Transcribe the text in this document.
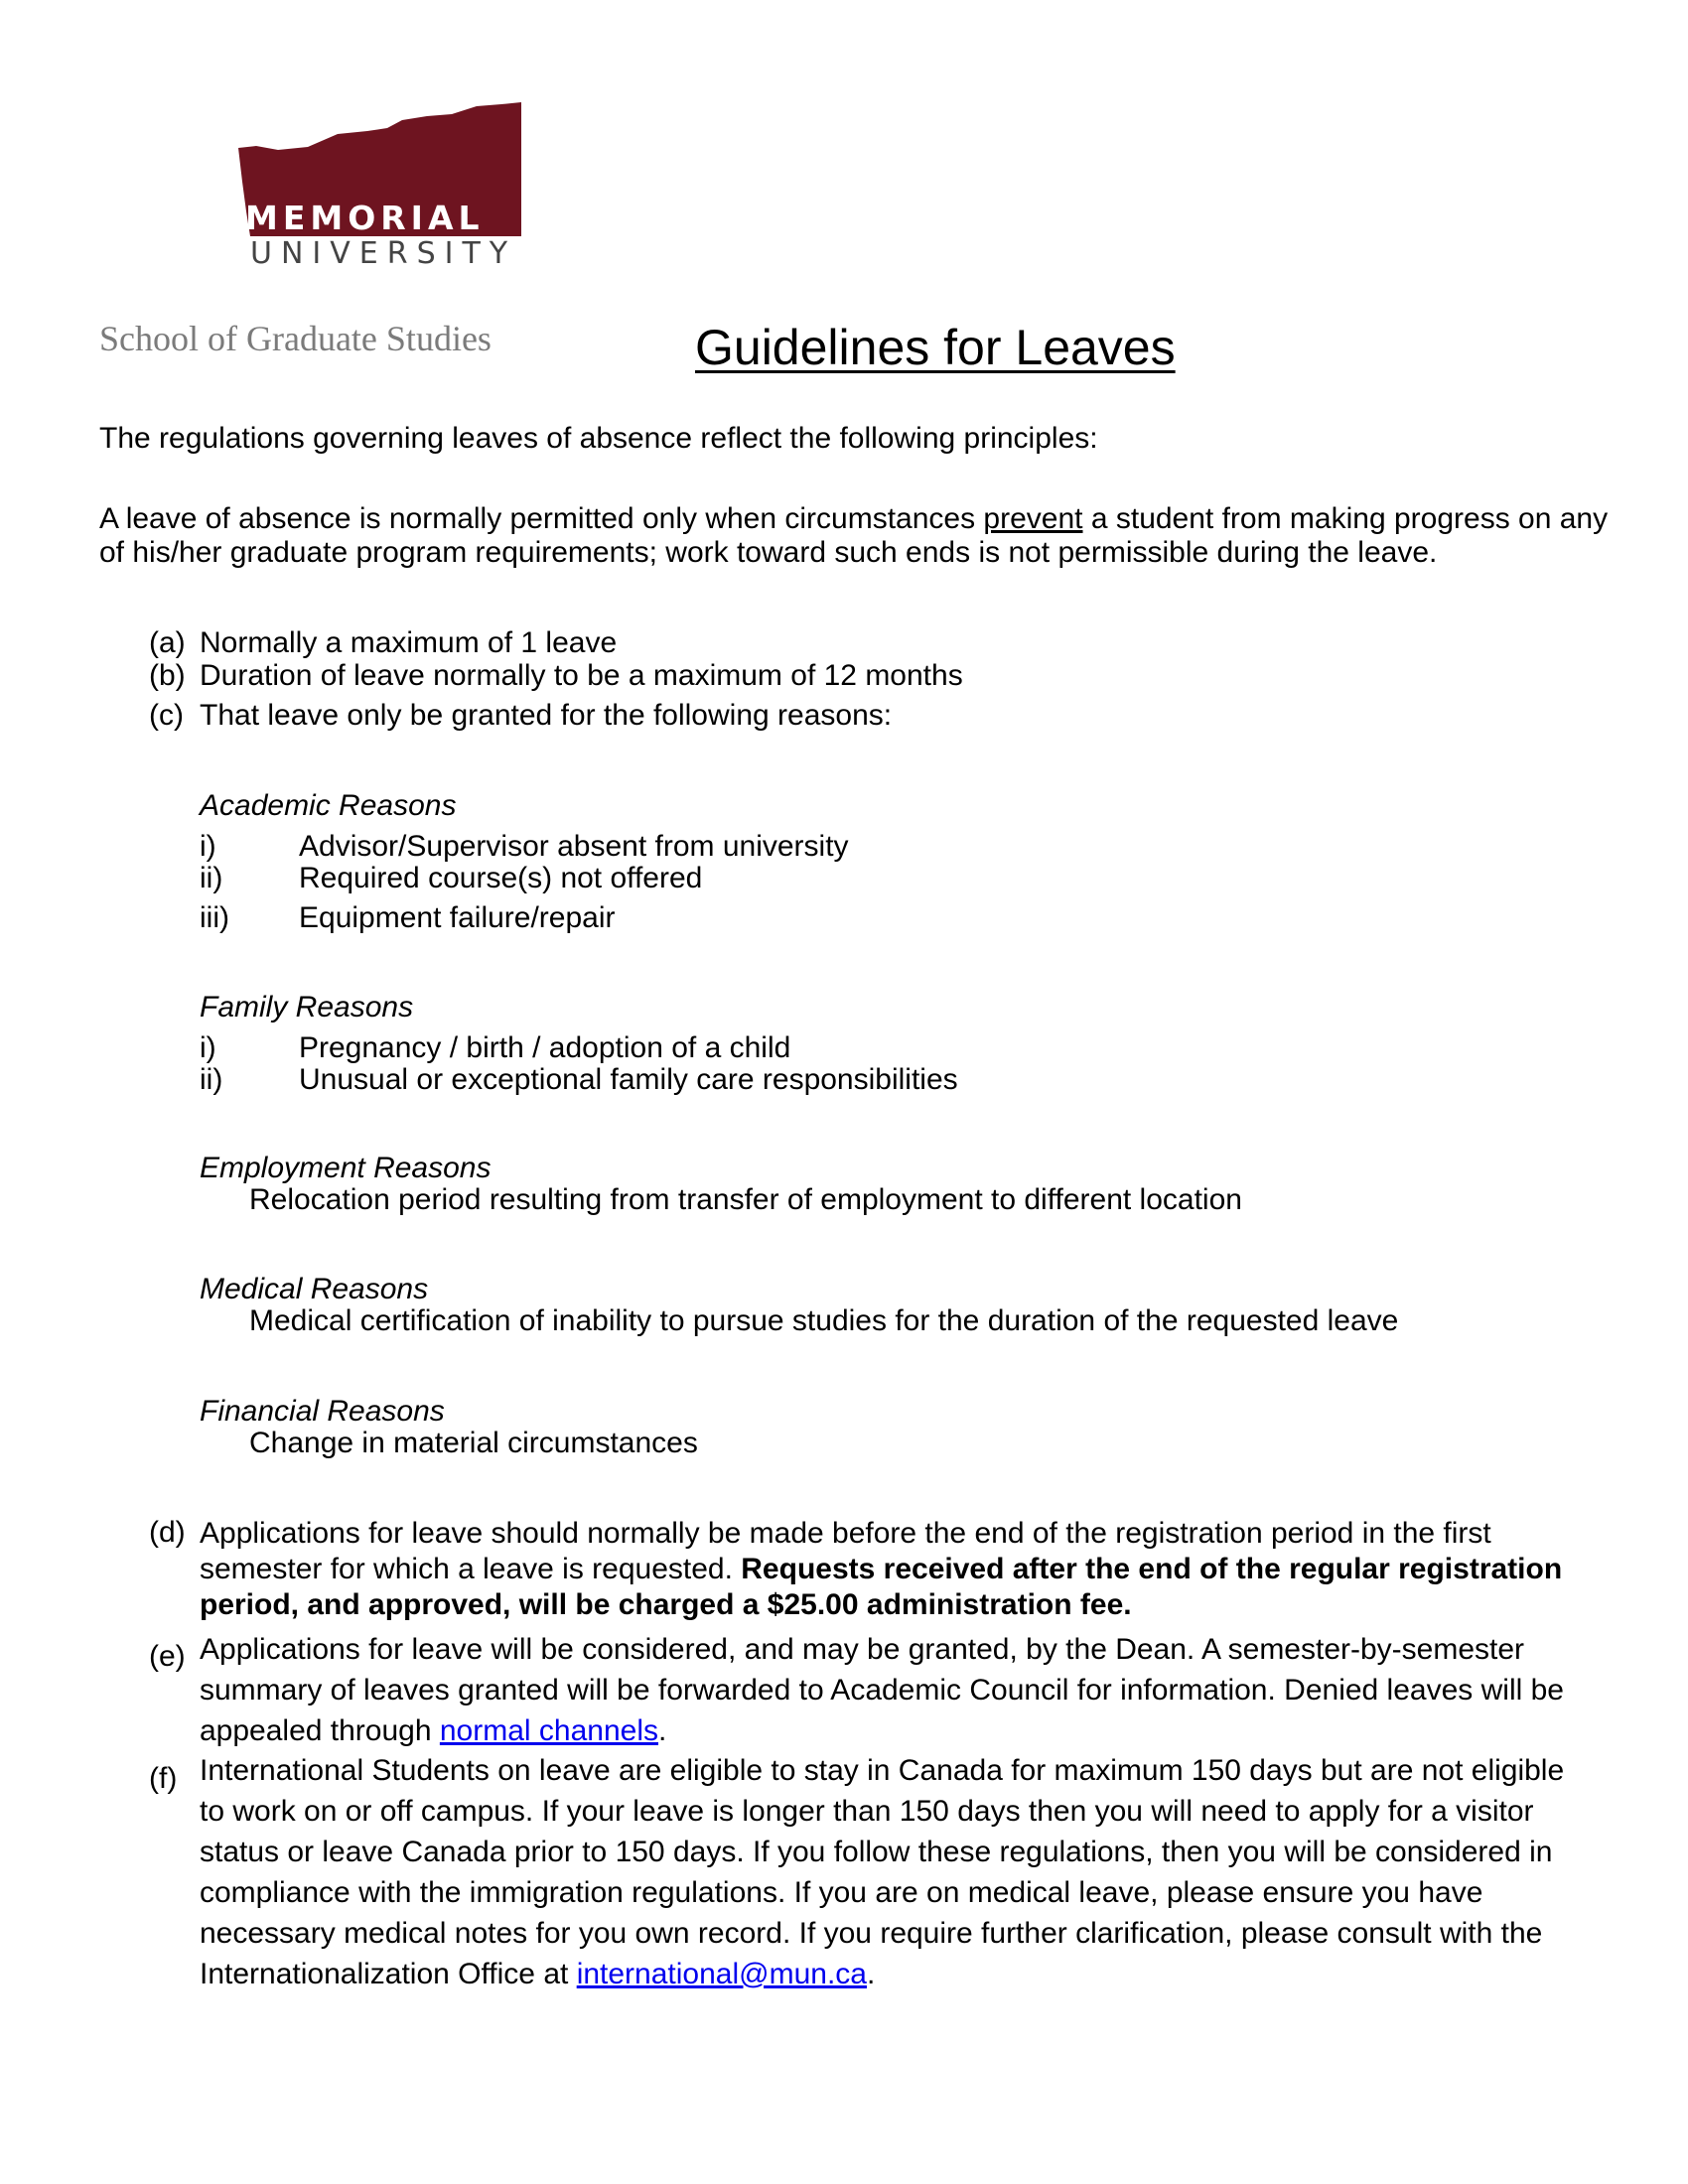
MEMORIAL
UNIVERSITY
School of Graduate Studies	Guidelines for Leaves
The regulations governing leaves of absence reflect the following principles:
A leave of absence is normally permitted only when circumstances prevent a student from making progress on any of his/her graduate program requirements; work toward such ends is not permissible during the leave.
(a) Normally a maximum of 1 leave
(b) Duration of leave normally to be a maximum of 12 months
(c) That leave only be granted for the following reasons:
Academic Reasons
i)	Advisor/Supervisor absent from university
ii)	Required course(s) not offered
iii) Equipment failure/repair
Family Reasons
i)	Pregnancy / birth / adoption of a child
ii)	Unusual or exceptional family care responsibilities
Employment Reasons
Relocation period resulting from transfer of employment to different location
Medical Reasons
Medical certification of inability to pursue studies for the duration of the requested leave
Financial Reasons
Change in material circumstances
(d) Applications for leave should normally be made before the end of the registration period in the first semester for which a leave is requested. Requests received after the end of the regular registration period, and approved, will be charged a $25.00 administration fee.
(e) Applications for leave will be considered, and may be granted, by the Dean. A semester-by-semester summary of leaves granted will be forwarded to Academic Council for information. Denied leaves will be appealed through normal channels.
(f) International Students on leave are eligible to stay in Canada for maximum 150 days but are not eligible to work on or off campus. If your leave is longer than 150 days then you will need to apply for a visitor status or leave Canada prior to 150 days. If you follow these regulations, then you will be considered in compliance with the immigration regulations. If you are on medical leave, please ensure you have necessary medical notes for you own record. If you require further clarification, please consult with the Internationalization Office at international@mun.ca.
